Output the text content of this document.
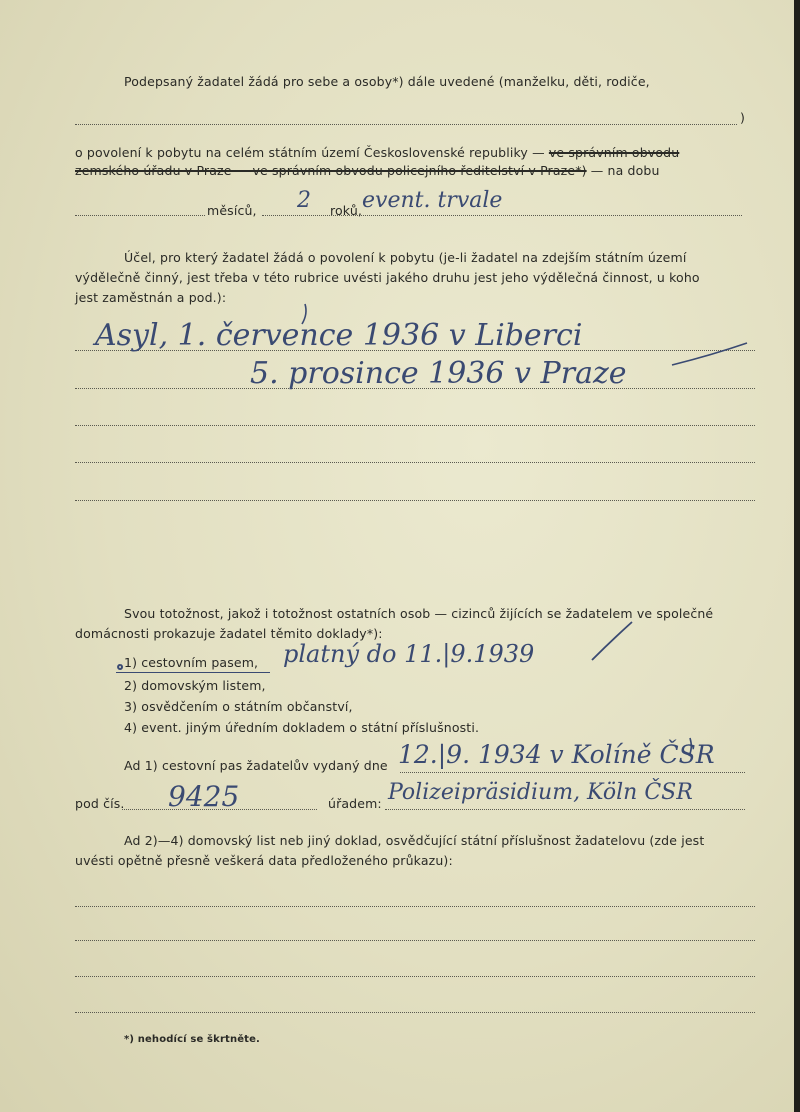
Podepsaný žadatel žádá pro sebe a osoby*) dále uvedené (manželku, děti, rodiče,
)
o povolení k pobytu na celém státním území Československé republiky — ve správním obvodu
zemského úřadu v Praze — ve správním obvodu policejního ředitelství v Praze*) — na dobu
měsíců, 2 roků, event. trvale
Účel, pro který žadatel žádá o povolení k pobytu (je-li žadatel na zdejším státním území
výdělečně činný, jest třeba v této rubrice uvésti jakého druhu jest jeho výdělečná činnost, u koho
jest zaměstnán a pod.):
Asyl, 1. července 1936 v Liberci
5. prosince 1936 v Praze
Svou totožnost, jakož i totožnost ostatních osob — cizinců žijících se žadatelem ve společné
domácnosti prokazuje žadatel těmito doklady*):
1) cestovním pasem, platný do 11.|9.1939
2) domovským listem,
3) osvědčením o státním občanství,
4) event. jiným úředním dokladem o státní příslušnosti.
Ad 1) cestovní pas žadatelův vydaný dne 12.|9. 1934 v Kolíně ČSR
pod čís. 9425	úřadem: Polizeipräsidium, Köln ČSR
Ad 2)—4) domovský list neb jiný doklad, osvědčující státní příslušnost žadatelovu (zde jest
uvésti opětně přesně veškerá data předloženého průkazu):
*) nehodící se škrtněte.
